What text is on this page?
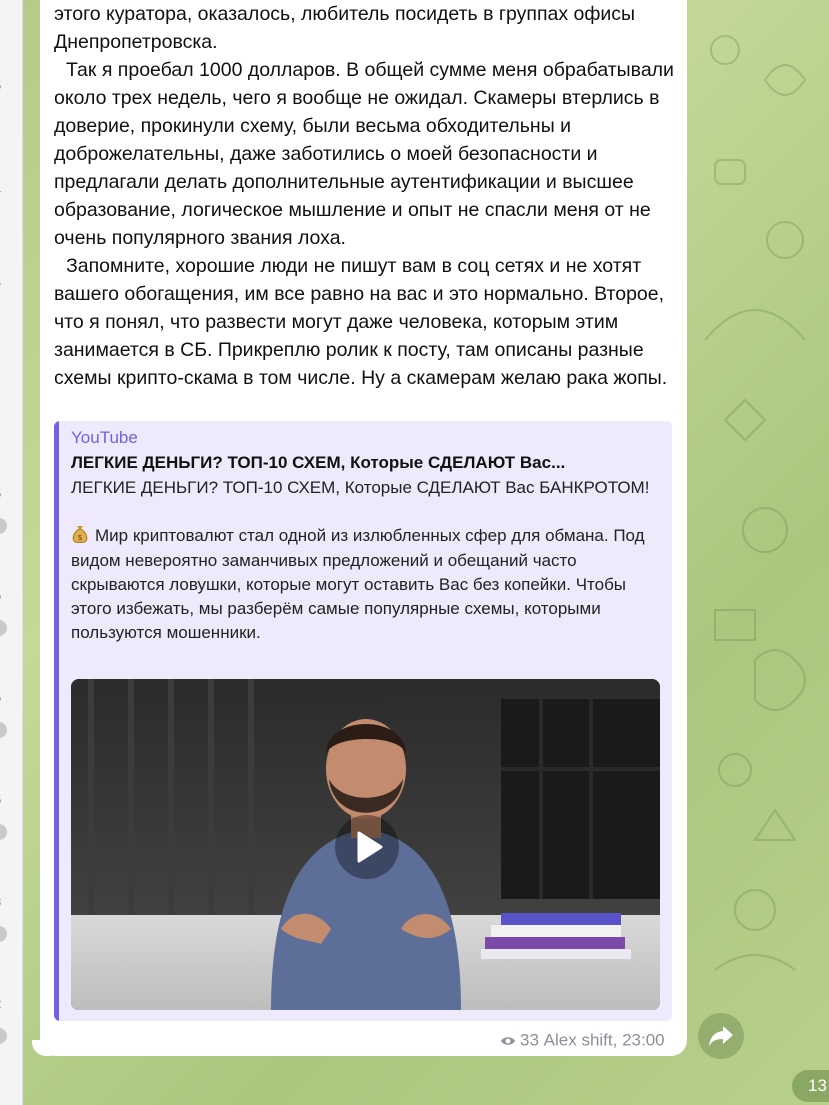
этого куратора, оказалось, любитель посидеть в группах офисы Днепропетровска.

Так я проебал 1000 долларов. В общей сумме меня обрабатывали около трех недель, чего я вообще не ожидал. Скамеры втерлись в доверие, прокинули схему, были весьма обходительны и доброжелательны, даже заботились о моей безопасности и предлагали делать дополнительные аутентификации и высшее образование, логическое мышление и опыт не спасли меня от не очень популярного звания лоха.

Запомните, хорошие люди не пишут вам в соц сетях и не хотят вашего обогащения, им все равно на вас и это нормально. Второе, что я понял, что развести могут даже человека, которым этим занимается в СБ. Прикреплю ролик к посту, там описаны разные схемы крипто-скама в том числе. Ну а скамерам желаю рака жопы.

YouTube
ЛЕГКИЕ ДЕНЬГИ? ТОП-10 СХЕМ, Которые СДЕЛАЮТ Вас...

ЛЕГКИЕ ДЕНЬГИ? ТОП-10 СХЕМ, Которые СДЕЛАЮТ Вас БАНКРОТОМ!

$ Мир криптовалют стал одной из излюбленных сфер для обмана. Под видом невероятно заманчивых предложений и обещаний часто скрываются ловушки, которые могут оставить Вас без копейки. Чтобы этого избежать, мы разберём самые популярные схемы, которыми пользуются мошенники.

33 Alex shift, 23:00
13
